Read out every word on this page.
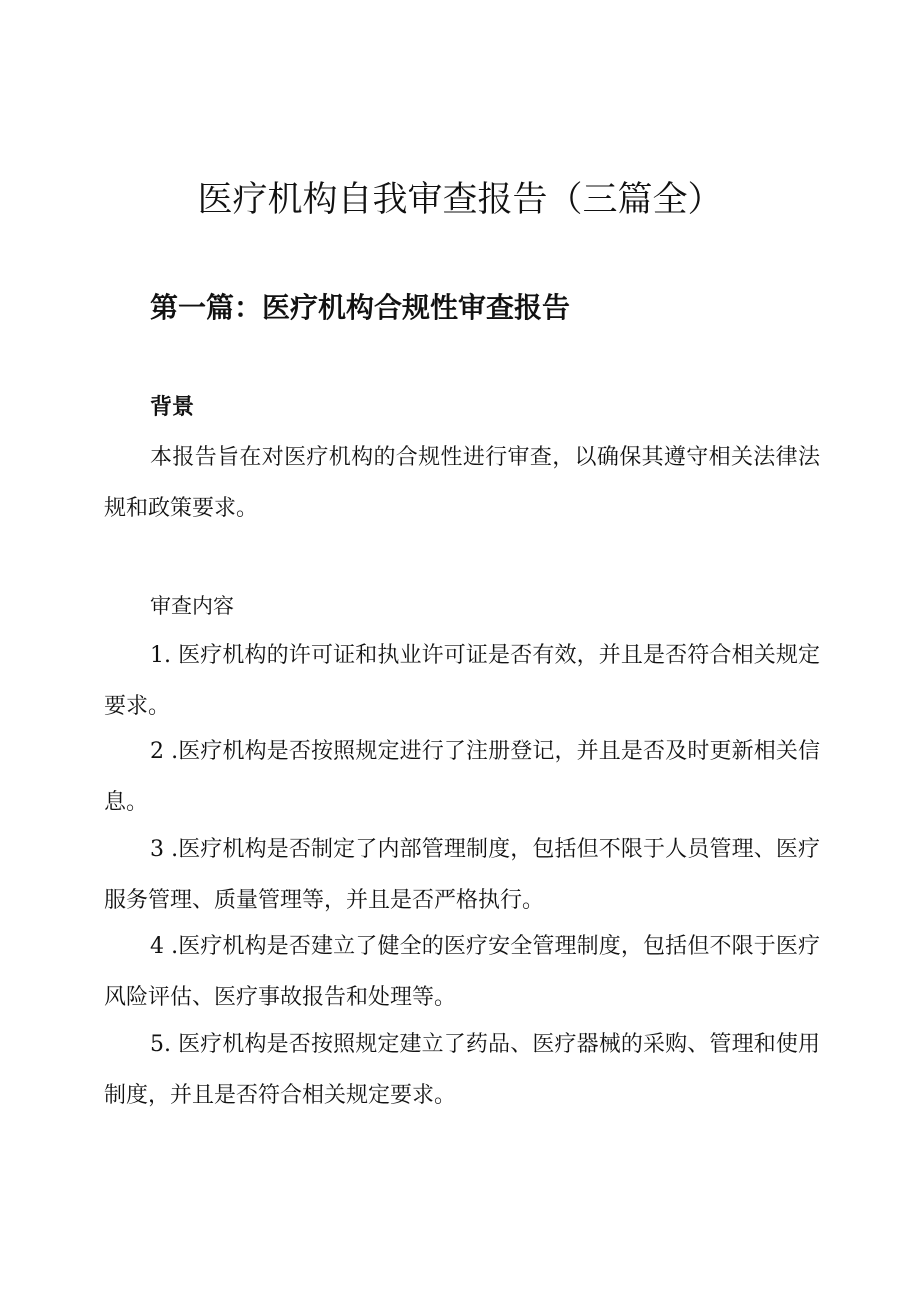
医疗机构自我审查报告（三篇全）
第一篇：医疗机构合规性审查报告
背景

本报告旨在对医疗机构的合规性进行审查，以确保其遵守相关法律法规和政策要求。

审查内容

1. 医疗机构的许可证和执业许可证是否有效，并且是否符合相关规定要求。

2 .医疗机构是否按照规定进行了注册登记，并且是否及时更新相关信息。

3 .医疗机构是否制定了内部管理制度，包括但不限于人员管理、医疗服务管理、质量管理等，并且是否严格执行。

4 .医疗机构是否建立了健全的医疗安全管理制度，包括但不限于医疗风险评估、医疗事故报告和处理等。

5. 医疗机构是否按照规定建立了药品、医疗器械的采购、管理和使用制度，并且是否符合相关规定要求。
